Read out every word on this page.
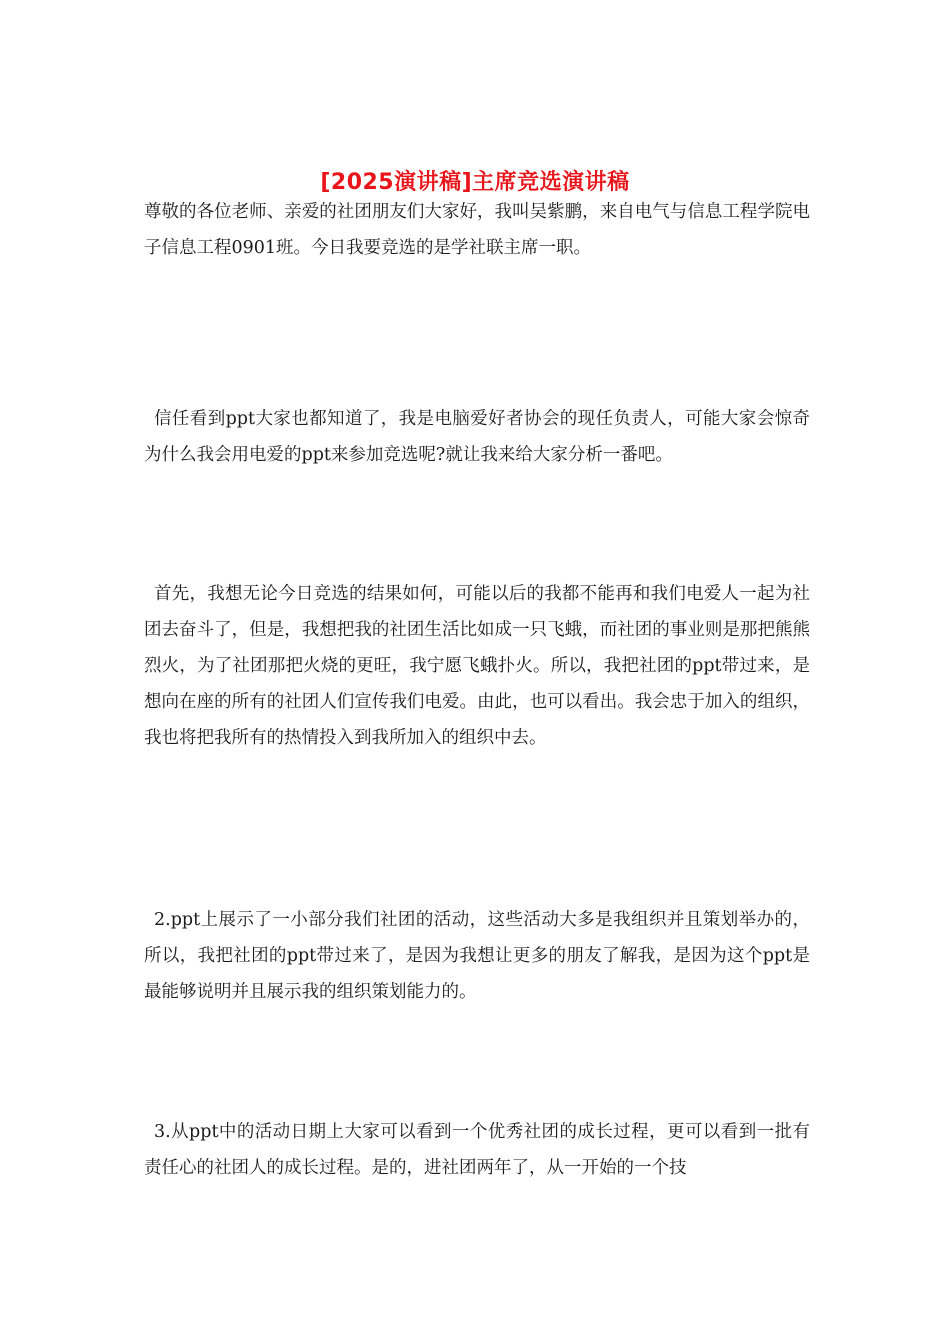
[2025演讲稿]主席竞选演讲稿

尊敬的各位老师、亲爱的社团朋友们大家好，我叫吴紫鹏，来自电气与信息工程学院电子信息工程0901班。今日我要竞选的是学社联主席一职。

信任看到ppt大家也都知道了，我是电脑爱好者协会的现任负责人，可能大家会惊奇为什么我会用电爱的ppt来参加竞选呢?就让我来给大家分析一番吧。

首先，我想无论今日竞选的结果如何，可能以后的我都不能再和我们电爱人一起为社团去奋斗了，但是，我想把我的社团生活比如成一只飞蛾，而社团的事业则是那把熊熊烈火，为了社团那把火烧的更旺，我宁愿飞蛾扑火。所以，我把社团的ppt带过来，是想向在座的所有的社团人们宣传我们电爱。由此，也可以看出。我会忠于加入的组织，我也将把我所有的热情投入到我所加入的组织中去。

2.ppt上展示了一小部分我们社团的活动，这些活动大多是我组织并且策划举办的，所以，我把社团的ppt带过来了，是因为我想让更多的朋友了解我，是因为这个ppt是最能够说明并且展示我的组织策划能力的。

3.从ppt中的活动日期上大家可以看到一个优秀社团的成长过程，更可以看到一批有责任心的社团人的成长过程。是的，进社团两年了，从一开始的一个技
